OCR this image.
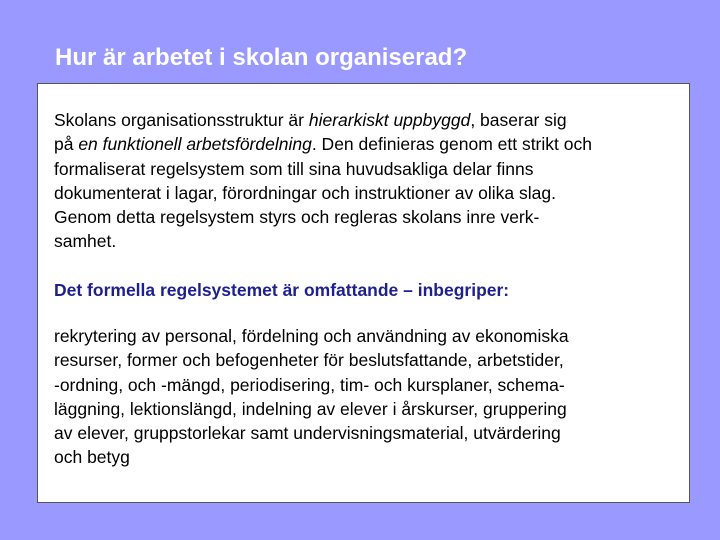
Hur är arbetet i skolan organiserad?

Skolans organisationsstruktur är hierarkiskt uppbyggd, baserar sig
på en funktionell arbetsfördelning. Den definieras genom ett strikt och
formaliserat regelsystem som till sina huvudsakliga delar finns
dokumenterat i lagar, förordningar och instruktioner av olika slag.
Genom detta regelsystem styrs och regleras skolans inre verk-
samhet.

Det formella regelsystemet är omfattande – inbegriper:

rekrytering av personal, fördelning och användning av ekonomiska
resurser, former och befogenheter för beslutsfattande, arbetstider,
-ordning, och -mängd, periodisering, tim- och kursplaner, schema-
läggning, lektionslängd, indelning av elever i årskurser, gruppering
av elever, gruppstorlekar samt undervisningsmaterial, utvärdering
och betyg
